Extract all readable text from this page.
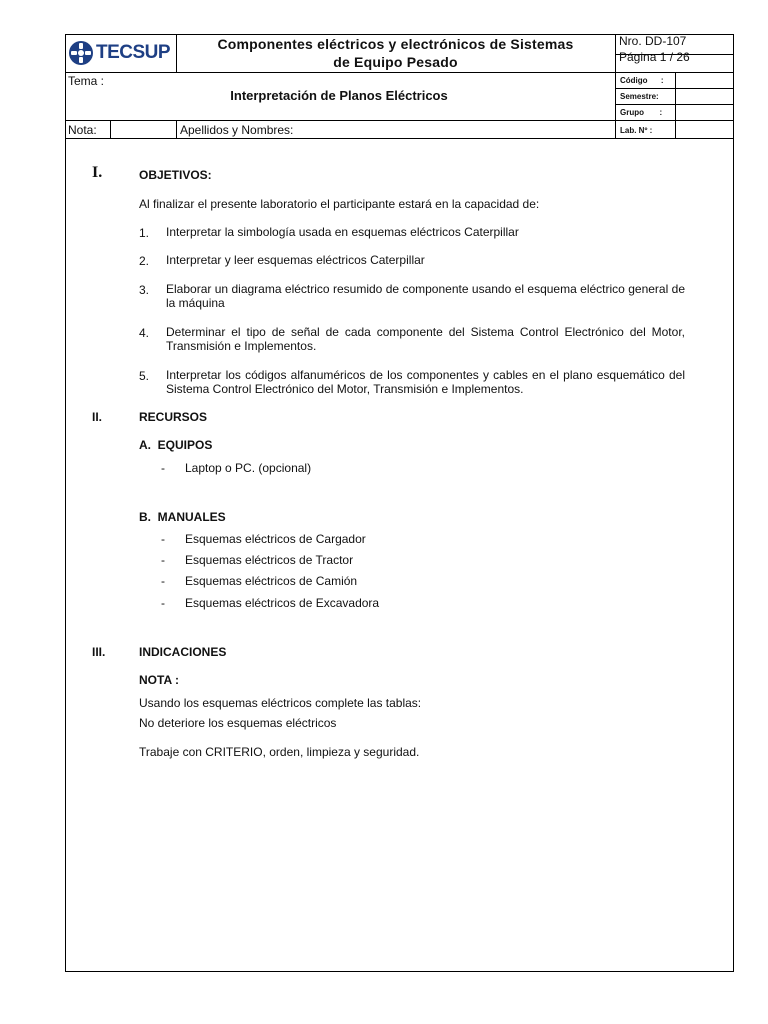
TECSUP	Componentes eléctricos y electrónicos de Sistemas
de Equipo Pesado
Nro. DD-107
Página 1 / 26
Tema :
Interpretación de Planos Eléctricos
Código      :
Semestre:
Grupo       :
Nota:	Apellidos y Nombres:	Lab. Nº :
I.	OBJETIVOS:
Al finalizar el presente laboratorio el participante estará en la capacidad de:
1. Interpretar la simbología usada en esquemas eléctricos Caterpillar
2. Interpretar y leer esquemas eléctricos Caterpillar
3. Elaborar un diagrama eléctrico resumido de componente usando el esquema eléctrico general de la máquina
4. Determinar el tipo de señal de cada componente del Sistema Control Electrónico del Motor, Transmisión e Implementos.
5. Interpretar los códigos alfanuméricos de los componentes y cables en el plano esquemático del Sistema Control Electrónico del Motor, Transmisión e Implementos.
II.	RECURSOS
A.  EQUIPOS
- Laptop o PC. (opcional)
B.  MANUALES
- Esquemas eléctricos de Cargador
- Esquemas eléctricos de Tractor
- Esquemas eléctricos de Camión
- Esquemas eléctricos de Excavadora
III.	INDICACIONES
NOTA :
Usando los esquemas eléctricos complete las tablas:
No deteriore los esquemas eléctricos
Trabaje con CRITERIO, orden, limpieza y seguridad.
